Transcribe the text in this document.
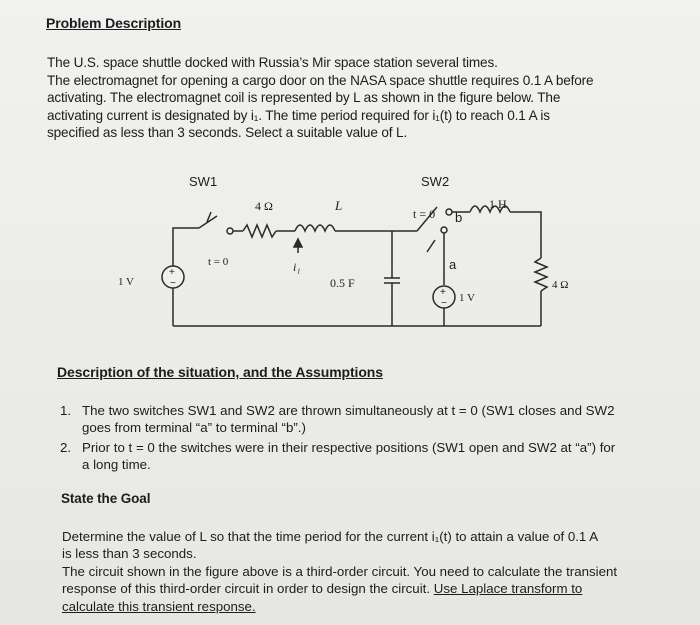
Problem Description

The U.S. space shuttle docked with Russia’s Mir space station several times.

The electromagnet for opening a cargo door on the NASA space shuttle requires 0.1 A before

activating. The electromagnet coil is represented by L as shown in the figure below. The

activating current is designated by i₁. The time period required for i₁(t) to reach 0.1 A is

specified as less than 3 seconds. Select a suitable value of L.

SW1	SW2
4 Ω	L	1 H
t = 0
t = 0 b
a
i₁
1 V	0.5 F
1 V
4 Ω
+
−
+
−
Description of the situation, and the Assumptions
1. The two switches SW1 and SW2 are thrown simultaneously at t = 0 (SW1 closes and SW2
goes from terminal “a” to terminal “b”.)
2. Prior to t = 0 the switches were in their respective positions (SW1 open and SW2 at “a”) for
a long time.
State the Goal

Determine the value of L so that the time period for the current i₁(t) to attain a value of 0.1 A

is less than 3 seconds.

The circuit shown in the figure above is a third-order circuit. You need to calculate the transient

response of this third-order circuit in order to design the circuit. Use Laplace transform to

calculate this transient response.
